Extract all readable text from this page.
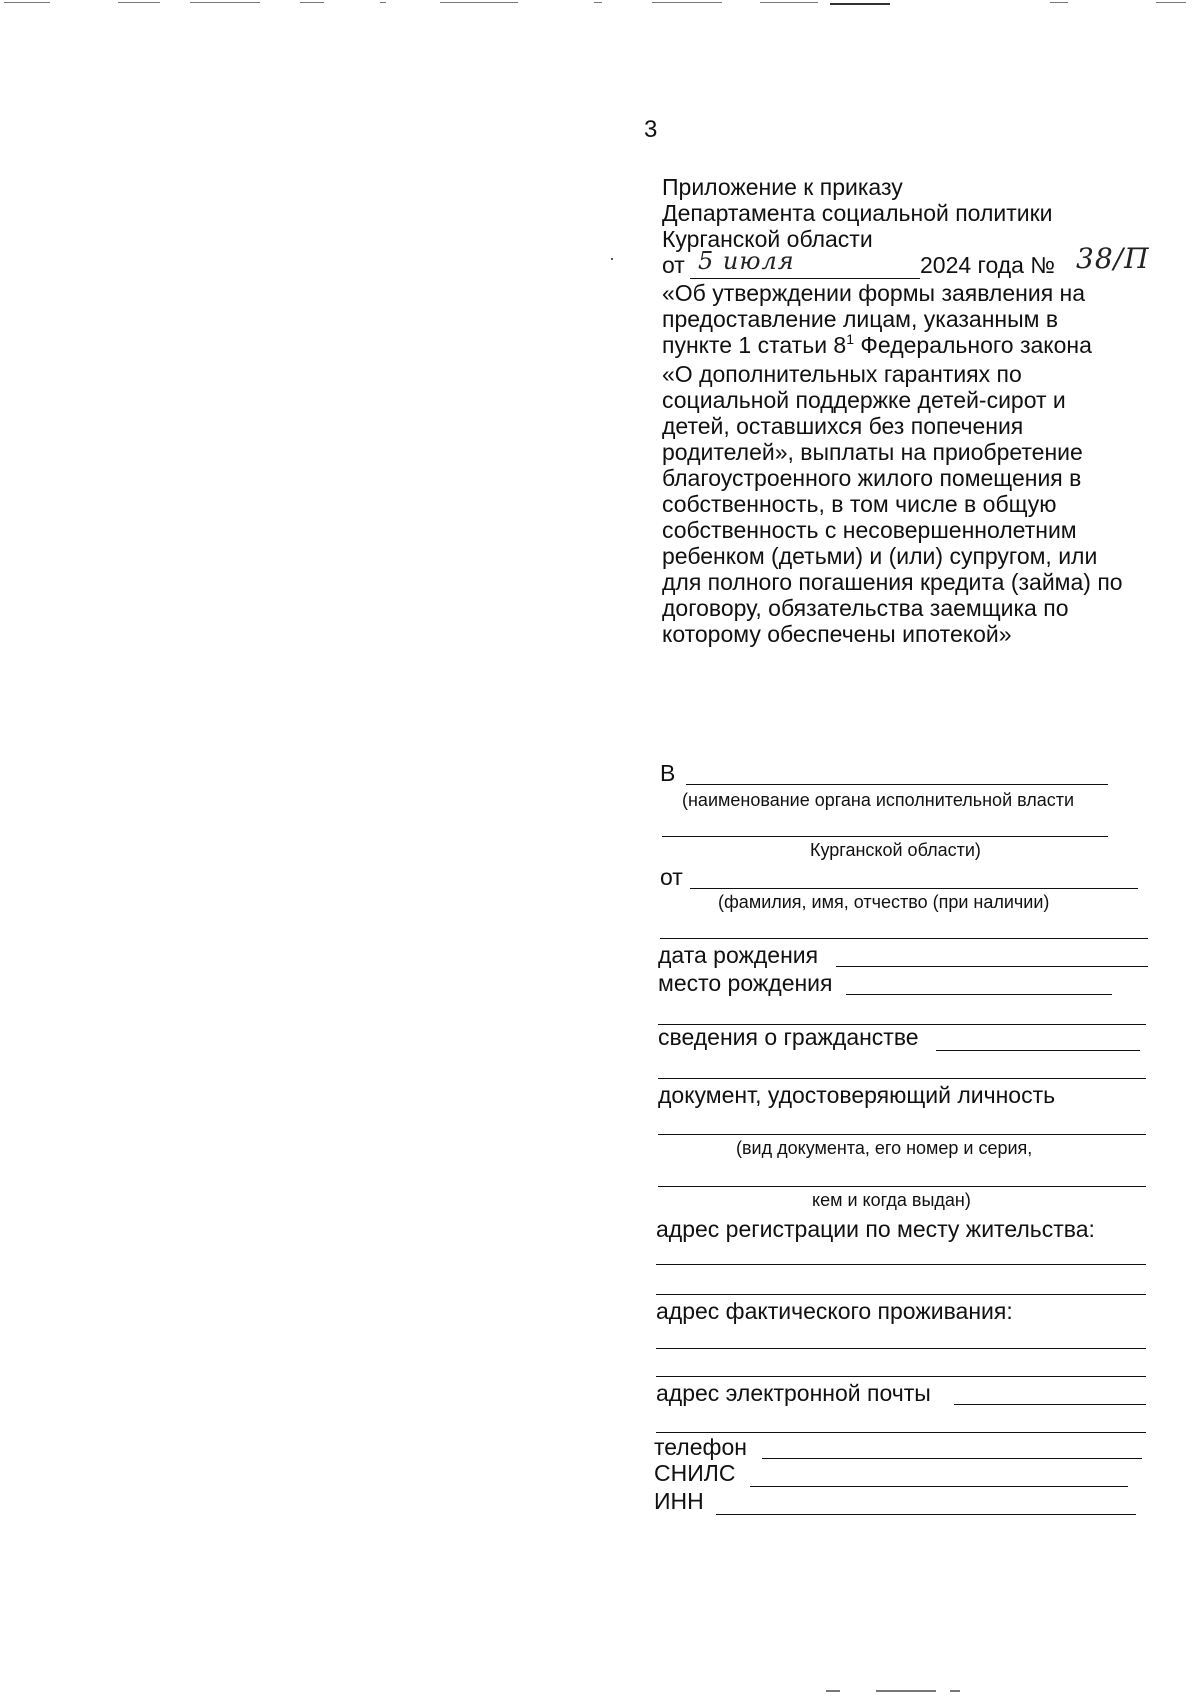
3
Приложение к приказу
Департамента социальной политики
Курганской области
от 5 июля	2024 года № 38/П
«Об утверждении формы заявления на
предоставление лицам, указанным в
пункте 1 статьи $8^1$ Федерального закона
«О дополнительных гарантиях по
социальной поддержке детей-сирот и
детей, оставшихся без попечения
родителей», выплаты на приобретение
благоустроенного жилого помещения в
собственность, в том числе в общую
собственность с несовершеннолетним
ребенком (детьми) и (или) супругом, или
для полного погашения кредита (займа) по
договору, обязательства заемщика по
которому обеспечены ипотекой»
В
(наименование органа исполнительной власти
Курганской области)
от
(фамилия, имя, отчество (при наличии)
дата рождения
место рождения
сведения о гражданстве
документ, удостоверяющий личность
(вид документа, его номер и серия,
кем и когда выдан)
адрес регистрации по месту жительства:
адрес фактического проживания:
адрес электронной почты
телефон
СНИЛС
ИНН
